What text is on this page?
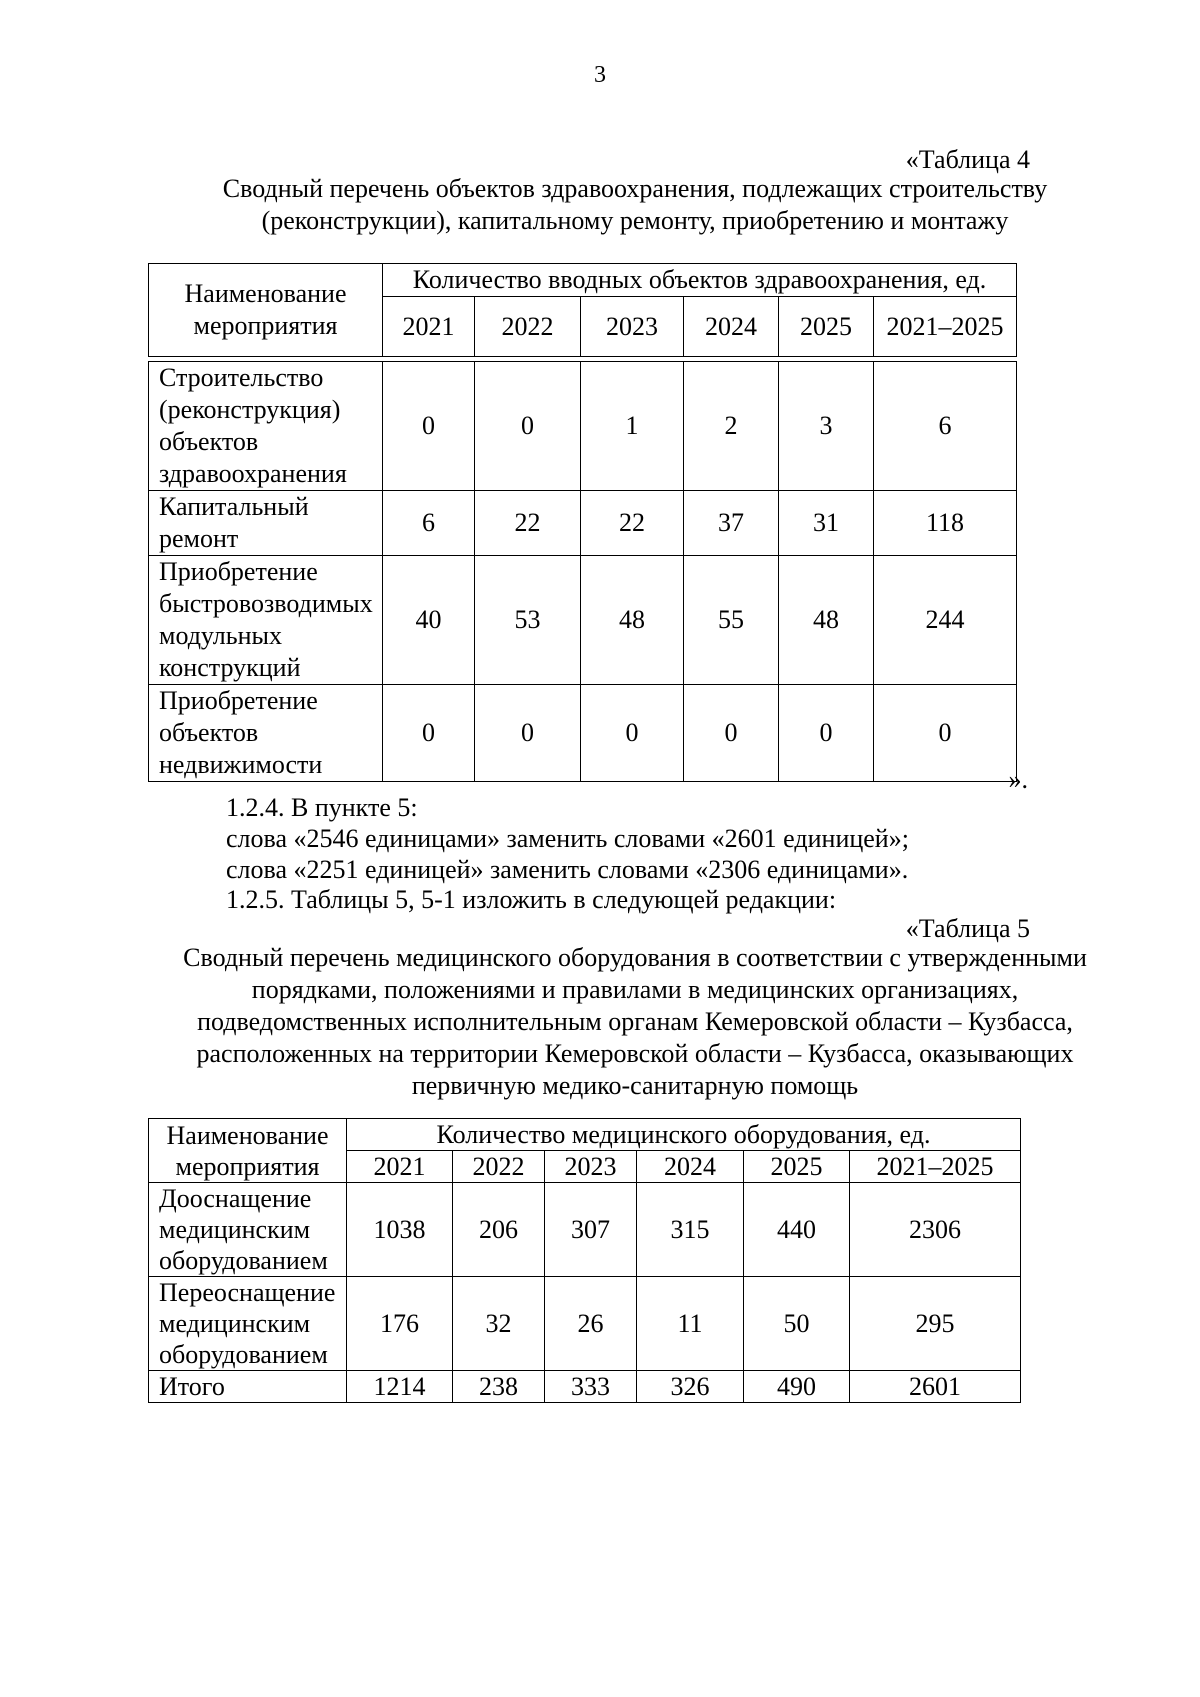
3
«Таблица 4
Сводный перечень объектов здравоохранения, подлежащих строительству (реконструкции), капитальному ремонту, приобретению и монтажу
Наименование мероприятия	Количество вводных объектов здравоохранения, ед.					
	2021	2022	2023	2024	2025	2021–2025

Строительство (реконструкция) объектов здравоохранения	0	0	1	2	3	6
Капитальный ремонт	6	22	22	37	31	118
Приобретение быстровозводимых модульных конструкций	40	53	48	55	48	244
Приобретение объектов недвижимости	0	0	0	0	0	0
».
1.2.4. В пункте 5:
слова «2546 единицами» заменить словами «2601 единицей»;
слова «2251 единицей» заменить словами «2306 единицами».
1.2.5. Таблицы 5, 5-1 изложить в следующей редакции:
«Таблица 5
Сводный перечень медицинского оборудования в соответствии с утвержденными порядками, положениями и правилами в медицинских организациях, подведомственных исполнительным органам Кемеровской области – Кузбасса, расположенных на территории Кемеровской области – Кузбасса, оказывающих первичную медико-санитарную помощь
Наименование мероприятия	Количество медицинского оборудования, ед.					
	2021	2022	2023	2024	2025	2021–2025
Дооснащение медицинским оборудованием	1038	206	307	315	440	2306
Переоснащение медицинским оборудованием	176	32	26	11	50	295
Итого	1214	238	333	326	490	2601
